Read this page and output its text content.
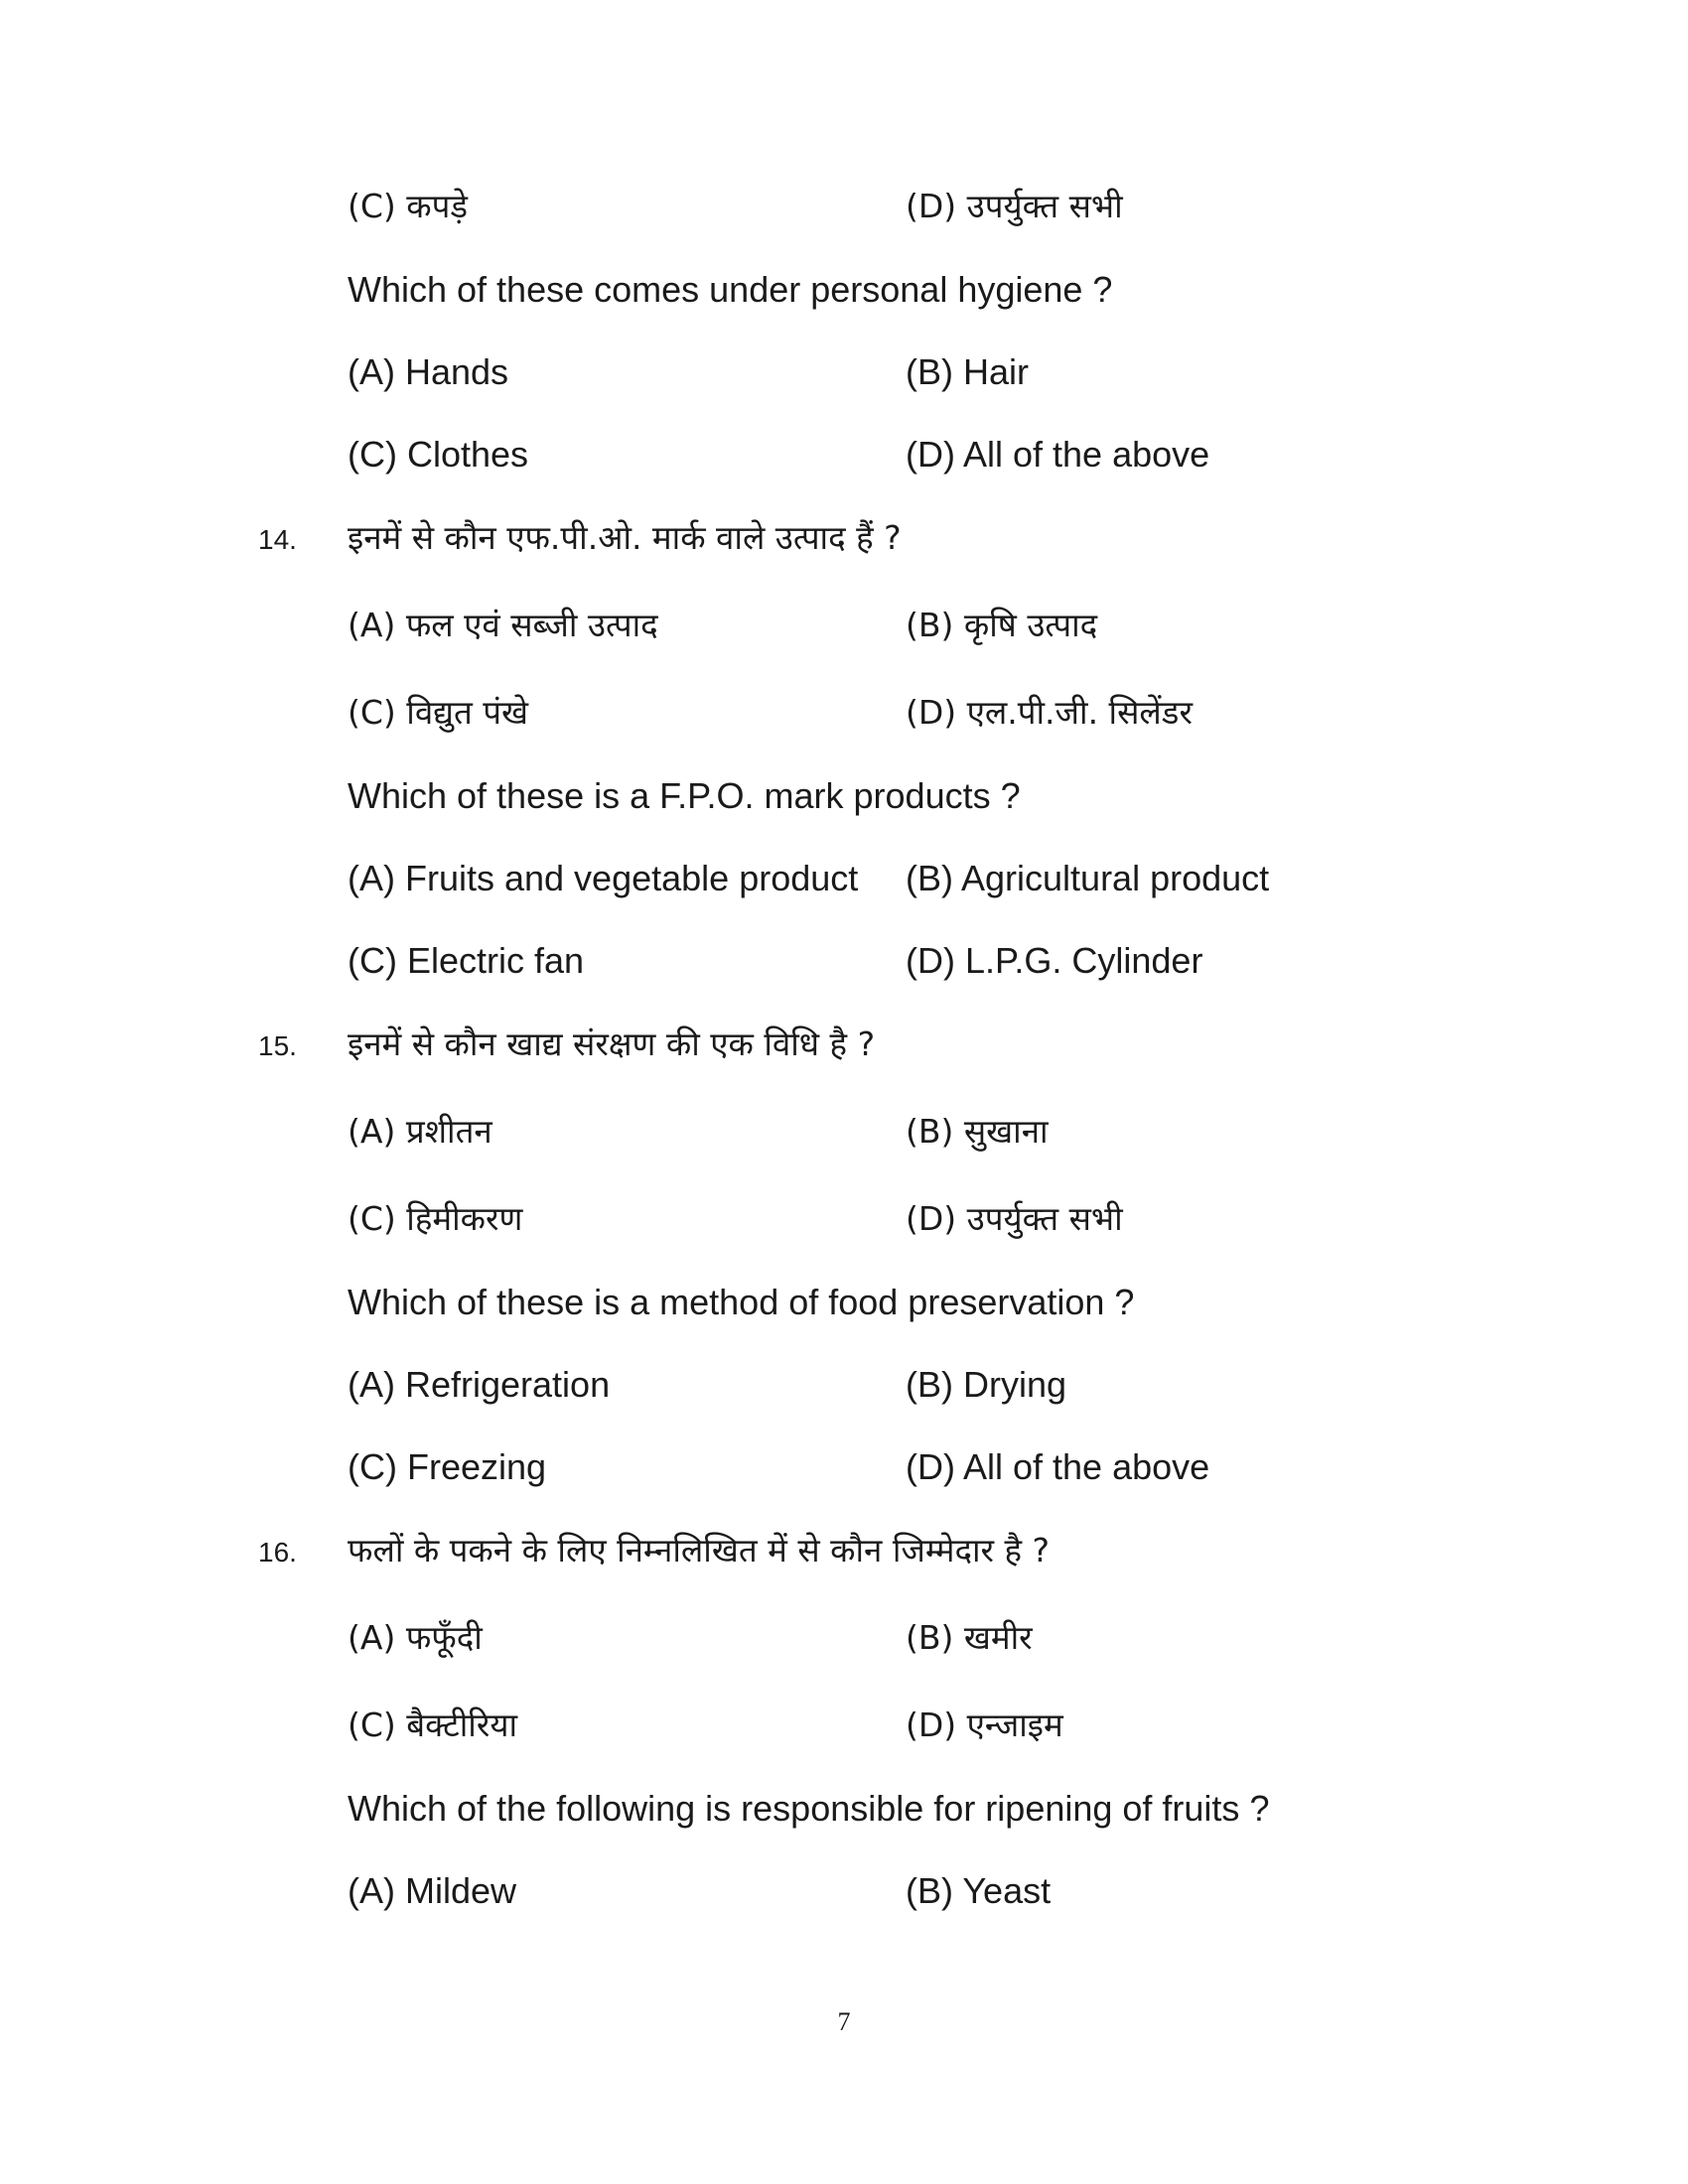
(C) कपड़े	(D) उपर्युक्त सभी
Which of these comes under personal hygiene ?
(A) Hands	(B) Hair
(C) Clothes	(D) All of the above
14. इनमें से कौन एफ.पी.ओ. मार्क वाले उत्पाद हैं ?
(A) फल एवं सब्जी उत्पाद	(B) कृषि उत्पाद
(C) विद्युत पंखे	(D) एल.पी.जी. सिलेंडर
Which of these is a F.P.O. mark products ?
(A) Fruits and vegetable product (B) Agricultural product
(C) Electric fan	(D) L.P.G. Cylinder
15. इनमें से कौन खाद्य संरक्षण की एक विधि है ?
(A) प्रशीतन	(B) सुखाना
(C) हिमीकरण	(D) उपर्युक्त सभी
Which of these is a method of food preservation ?
(A) Refrigeration	(B) Drying
(C) Freezing	(D) All of the above
16. फलों के पकने के लिए निम्नलिखित में से कौन जिम्मेदार है ?
(A) फफूँदी	(B) खमीर
(C) बैक्टीरिया	(D) एन्जाइम
Which of the following is responsible for ripening of fruits ?
(A) Mildew	(B) Yeast
7
